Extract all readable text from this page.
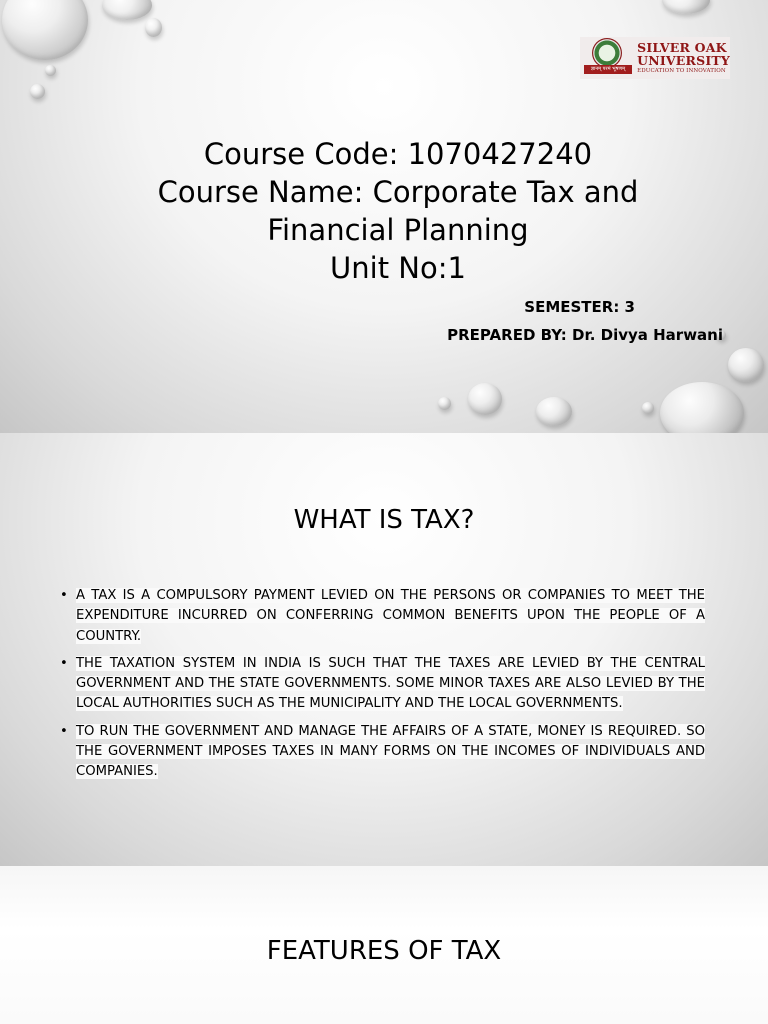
ज्ञानम् परमं भूषणम्
SILVER OAK
UNIVERSITY
EDUCATION TO INNOVATION
Course Code: 1070427240
Course Name: Corporate Tax and
Financial Planning
Unit No:1
SEMESTER: 3
PREPARED BY: Dr. Divya Harwani
WHAT IS TAX?
• A TAX IS A COMPULSORY PAYMENT LEVIED ON THE PERSONS OR COMPANIES TO MEET THE EXPENDITURE INCURRED ON CONFERRING COMMON BENEFITS UPON THE PEOPLE OF A COUNTRY.
• THE TAXATION SYSTEM IN INDIA IS SUCH THAT THE TAXES ARE LEVIED BY THE CENTRAL GOVERNMENT AND THE STATE GOVERNMENTS. SOME MINOR TAXES ARE ALSO LEVIED BY THE LOCAL AUTHORITIES SUCH AS THE MUNICIPALITY AND THE LOCAL GOVERNMENTS.
• TO RUN THE GOVERNMENT AND MANAGE THE AFFAIRS OF A STATE, MONEY IS REQUIRED. SO THE GOVERNMENT IMPOSES TAXES IN MANY FORMS ON THE INCOMES OF INDIVIDUALS AND COMPANIES.
FEATURES OF TAX
